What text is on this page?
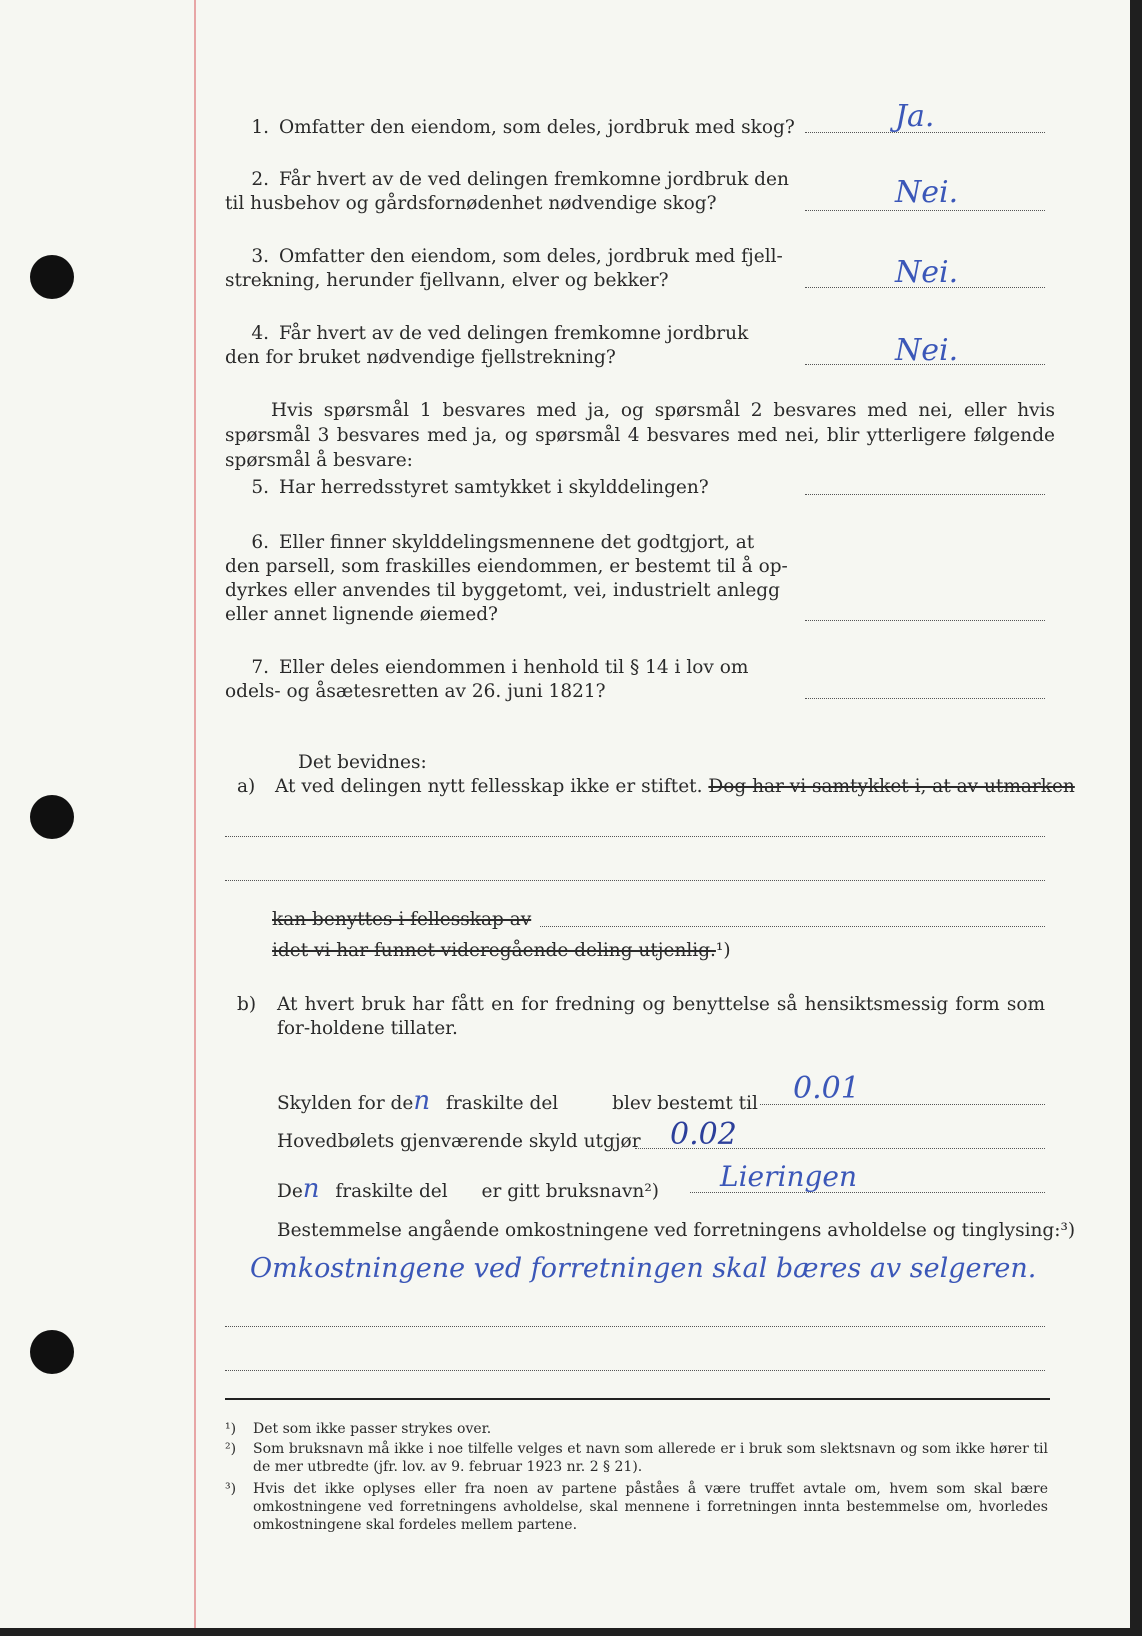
1. Omfatter den eiendom, som deles, jordbruk med skog?	Ja.
2. Får hvert av de ved delingen fremkomne jordbruk den
til husbehov og gårdsfornødenhet nødvendige skog?	Nei.
3. Omfatter den eiendom, som deles, jordbruk med fjell-
strekning, herunder fjellvann, elver og bekker?	Nei.
4. Får hvert av de ved delingen fremkomne jordbruk
den for bruket nødvendige fjellstrekning?	Nei.
Hvis spørsmål 1 besvares med ja, og spørsmål 2 besvares med nei, eller hvis spørsmål 3 besvares med ja, og spørsmål 4 besvares med nei, blir ytterligere følgende spørsmål å besvare:
5. Har herredsstyret samtykket i skylddelingen?
6. Eller finner skylddelingsmennene det godtgjort, at
den parsell, som fraskilles eiendommen, er bestemt til å op-
dyrkes eller anvendes til byggetomt, vei, industrielt anlegg
eller annet lignende øiemed?
7. Eller deles eiendommen i henhold til § 14 i lov om
odels- og åsætesretten av 26. juni 1821?
Det bevidnes:
a) At ved delingen nytt fellesskap ikke er stiftet. Dog har vi samtykket i, at av utmarken
kan benyttes i fellesskap av
idet vi har funnet videregående deling utjenlig.¹)
b) At hvert bruk har fått en for fredning og benyttelse så hensiktsmessig form som for-holdene tillater.
Skylden for den fraskilte del	blev bestemt til 0.01
Hovedbølets gjenværende skyld utgjør 0.02
Den fraskilte del er gitt bruksnavn²) Lieringen
Bestemmelse angående omkostningene ved forretningens avholdelse og tinglysing:³)
Omkostningene ved forretningen skal bæres av selgeren.
¹) Det som ikke passer strykes over.
²) Som bruksnavn må ikke i noe tilfelle velges et navn som allerede er i bruk som slektsnavn og som ikke hører til de mer utbredte (jfr. lov. av 9. februar 1923 nr. 2 § 21).
³) Hvis det ikke oplyses eller fra noen av partene påståes å være truffet avtale om, hvem som skal bære omkostningene ved forretningens avholdelse, skal mennene i forretningen innta bestemmelse om, hvorledes omkostningene skal fordeles mellem partene.
